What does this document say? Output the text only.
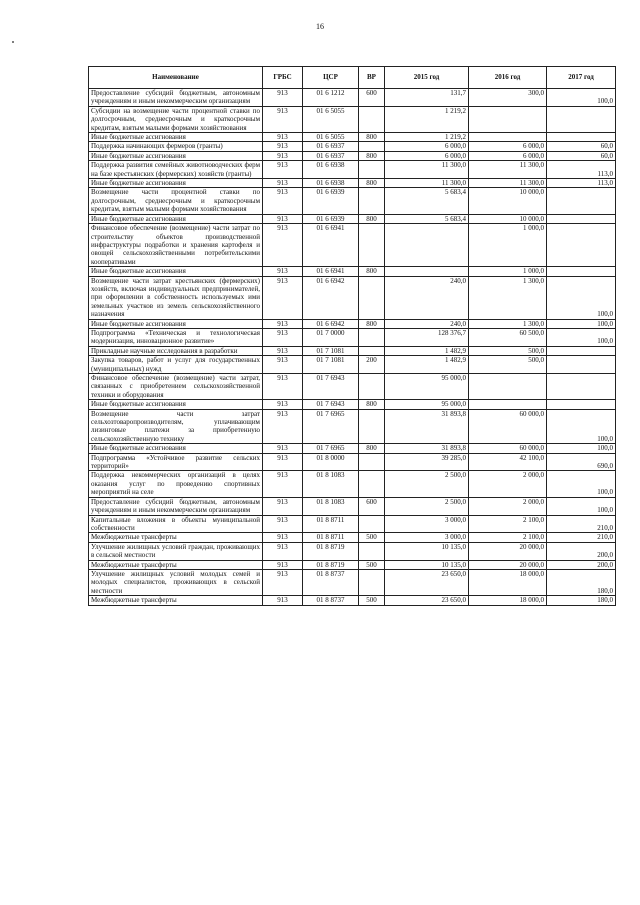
16
Наименование	ГРБС	ЦСР	ВР	2015 год	2016 год	2017 год
Предоставление субсидий бюджетным, автономным учреждениям и иным некоммерческим организациям	913	01 6 1212	600	131,7	300,0	100,0
Субсидии на возмещение части процентной ставки по долгосрочным, среднесрочным и краткосрочным кредитам, взятым малыми формами хозяйствования	913	01 6 5055		1 219,2		
Иные бюджетные ассигнования	913	01 6 5055	800	1 219,2		
Поддержка начинающих фермеров (гранты)	913	01 6 6937		6 000,0	6 000,0	60,0
Иные бюджетные ассигнования	913	01 6 6937	800	6 000,0	6 000,0	60,0
Поддержка развития семейных животноводческих ферм на базе крестьянских (фермерских) хозяйств (гранты)	913	01 6 6938		11 300,0	11 300,0	113,0
Иные бюджетные ассигнования	913	01 6 6938	800	11 300,0	11 300,0	113,0
Возмещение части процентной ставки по долгосрочным, среднесрочным и краткосрочным кредитам, взятым малыми формами хозяйствования	913	01 6 6939		5 683,4	10 000,0	
Иные бюджетные ассигнования	913	01 6 6939	800	5 683,4	10 000,0	
Финансовое обеспечение (возмещение) части затрат по строительству объектов производственной инфраструктуры подработки и хранения картофеля и овощей сельскохозяйственными потребительскими кооперативами	913	01 6 6941			1 000,0	
Иные бюджетные ассигнования	913	01 6 6941	800		1 000,0	
Возмещение части затрат крестьянских (фермерских) хозяйств, включая индивидуальных предпринимателей, при оформлении в собственность используемых ими земельных участков из земель сельскохозяйственного назначения	913	01 6 6942		240,0	1 300,0	100,0
Иные бюджетные ассигнования	913	01 6 6942	800	240,0	1 300,0	100,0
Подпрограмма «Техническая и технологическая модернизация, инновационное развитие»	913	01 7 0000		128 376,7	60 500,0	100,0
Прикладные научные исследования в разработки	913	01 7 1081		1 482,9	500,0	
Закупка товаров, работ и услуг для государственных (муниципальных) нужд	913	01 7 1081	200	1 482,9	500,0	
Финансовое обеспечение (возмещение) части затрат, связанных с приобретением сельскохозяйственной техники и оборудования	913	01 7 6943		95 000,0		
Иные бюджетные ассигнования	913	01 7 6943	800	95 000,0		
Возмещение части затрат сельхозтоваропроизводителям, уплачивающим лизинговые платежи за приобретенную сельскохозяйственную технику	913	01 7 6965		31 893,8	60 000,0	100,0
Иные бюджетные ассигнования	913	01 7 6965	800	31 893,8	60 000,0	100,0
Подпрограмма «Устойчивое развитие сельских территорий»	913	01 8 0000		39 285,0	42 100,0	690,0
Поддержка некоммерческих организаций в целях оказания услуг по проведению спортивных мероприятий на селе	913	01 8 1083		2 500,0	2 000,0	100,0
Предоставление субсидий бюджетным, автономным учреждениям и иным некоммерческим организациям	913	01 8 1083	600	2 500,0	2 000,0	100,0
Капитальные вложения в объекты муниципальной собственности	913	01 8 8711		3 000,0	2 100,0	210,0
Межбюджетные трансферты	913	01 8 8711	500	3 000,0	2 100,0	210,0
Улучшение жилищных условий граждан, проживающих в сельской местности	913	01 8 8719		10 135,0	20 000,0	200,0
Межбюджетные трансферты	913	01 8 8719	500	10 135,0	20 000,0	200,0
Улучшение жилищных условий молодых семей и молодых специалистов, проживающих в сельской местности	913	01 8 8737		23 650,0	18 000,0	180,0
Межбюджетные трансферты	913	01 8 8737	500	23 650,0	18 000,0	180,0
